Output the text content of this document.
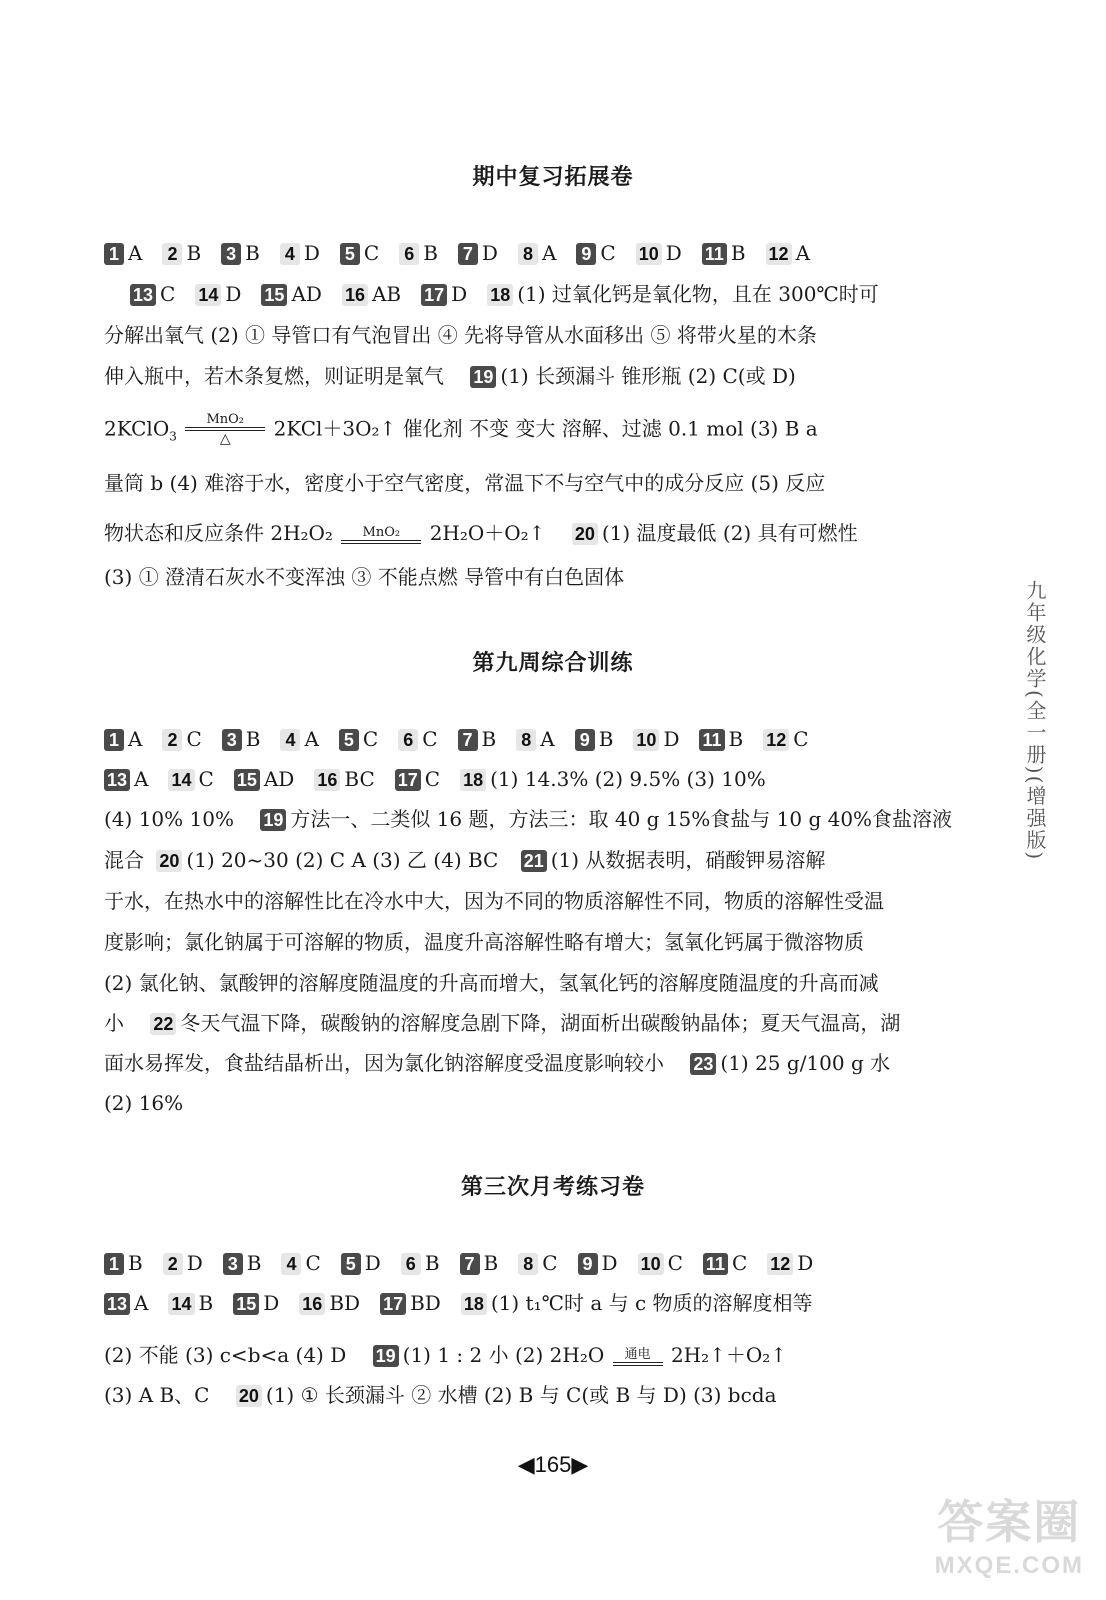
期中复习拓展卷
1 A 2 B 3 B 4 D 5 C 6 B 7 D 8 A 9 C 10 D 11 B 12 A
13 C 14 D 15 AD 16 AB 17 D 18 (1) 过氧化钙是氧化物，且在 300℃时可
分解出氧气 (2) ① 导管口有气泡冒出 ④ 先将导管从水面移出 ⑤ 将带火星的木条
伸入瓶中，若木条复燃，则证明是氧气 19 (1) 长颈漏斗 锥形瓶 (2) C(或 D)
2KClO$_3$
MnO₂
△	2KCl＋3O₂↑ 催化剂 不变 变大 溶解、过滤 0.1 mol (3) B a
量筒 b (4) 难溶于水，密度小于空气密度，常温下不与空气中的成分反应 (5) 反应
物状态和反应条件 2H₂O₂	MnO₂	2H₂O＋O₂↑ 20 (1) 温度最低 (2) 具有可燃性
(3) ① 澄清石灰水不变浑浊 ③ 不能点燃 导管中有白色固体
第九周综合训练
1 A 2 C 3 B 4 A 5 C 6 C 7 B 8 A 9 B 10 D 11 B 12 C
13 A 14 C 15 AD 16 BC 17 C 18 (1) 14.3% (2) 9.5% (3) 10%
(4) 10% 10% 19 方法一、二类似 16 题，方法三：取 40 g 15%食盐与 10 g 40%食盐溶液
混合 20 (1) 20~30 (2) C A (3) 乙 (4) BC 21 (1) 从数据表明，硝酸钾易溶解
于水，在热水中的溶解性比在冷水中大，因为不同的物质溶解性不同，物质的溶解性受温
度影响；氯化钠属于可溶解的物质，温度升高溶解性略有增大；氢氧化钙属于微溶物质
(2) 氯化钠、氯酸钾的溶解度随温度的升高而增大，氢氧化钙的溶解度随温度的升高而减
小 22 冬天气温下降，碳酸钠的溶解度急剧下降，湖面析出碳酸钠晶体；夏天气温高，湖
面水易挥发，食盐结晶析出，因为氯化钠溶解度受温度影响较小 23 (1) 25 g/100 g 水
(2) 16%
第三次月考练习卷
1 B 2 D 3 B 4 C 5 D 6 B 7 B 8 C 9 D 10 C 11 C 12 D
13 A 14 B 15 D 16 BD 17 BD 18 (1) t₁℃时 a 与 c 物质的溶解度相等
(2) 不能 (3) c<b<a (4) D 19 (1) 1 : 2 小 (2) 2H₂O	通电	2H₂↑＋O₂↑
(3) A B、C 20 (1) ① 长颈漏斗 ② 水槽 (2) B 与 C(或 B 与 D) (3) bcda
九年级化学(全一册)(增强版)
◀165▶
答案圈
MXQE.COM
